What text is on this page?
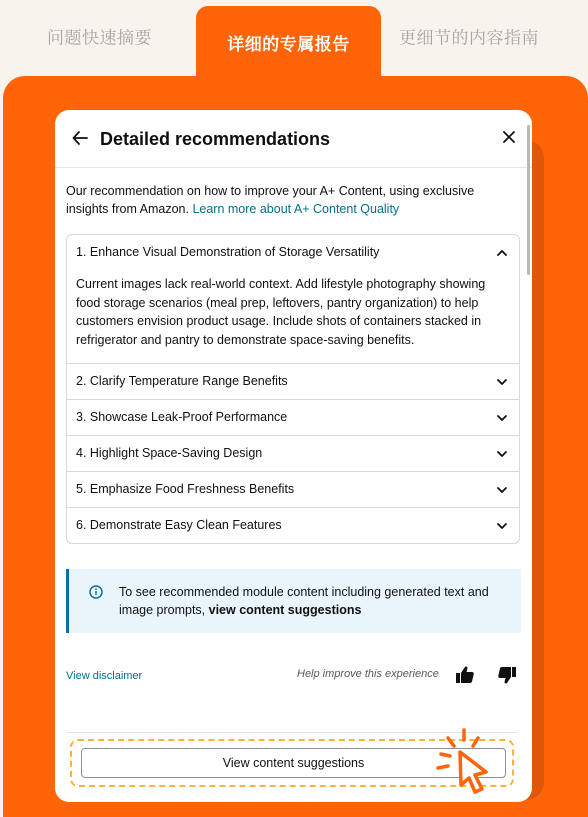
问题快速摘要	详细的专属报告	更细节的内容指南
Detailed recommendations
Our recommendation on how to improve your A+ Content, using exclusive insights from Amazon. Learn more about A+ Content Quality
1. Enhance Visual Demonstration of Storage Versatility
Current images lack real-world context. Add lifestyle photography showing food storage scenarios (meal prep, leftovers, pantry organization) to help customers envision product usage. Include shots of containers stacked in refrigerator and pantry to demonstrate space-saving benefits.
2. Clarify Temperature Range Benefits
3. Showcase Leak-Proof Performance
4. Highlight Space-Saving Design
5. Emphasize Food Freshness Benefits
6. Demonstrate Easy Clean Features
To see recommended module content including generated text and image prompts, view content suggestions
View disclaimer	Help improve this experience
View content suggestions
